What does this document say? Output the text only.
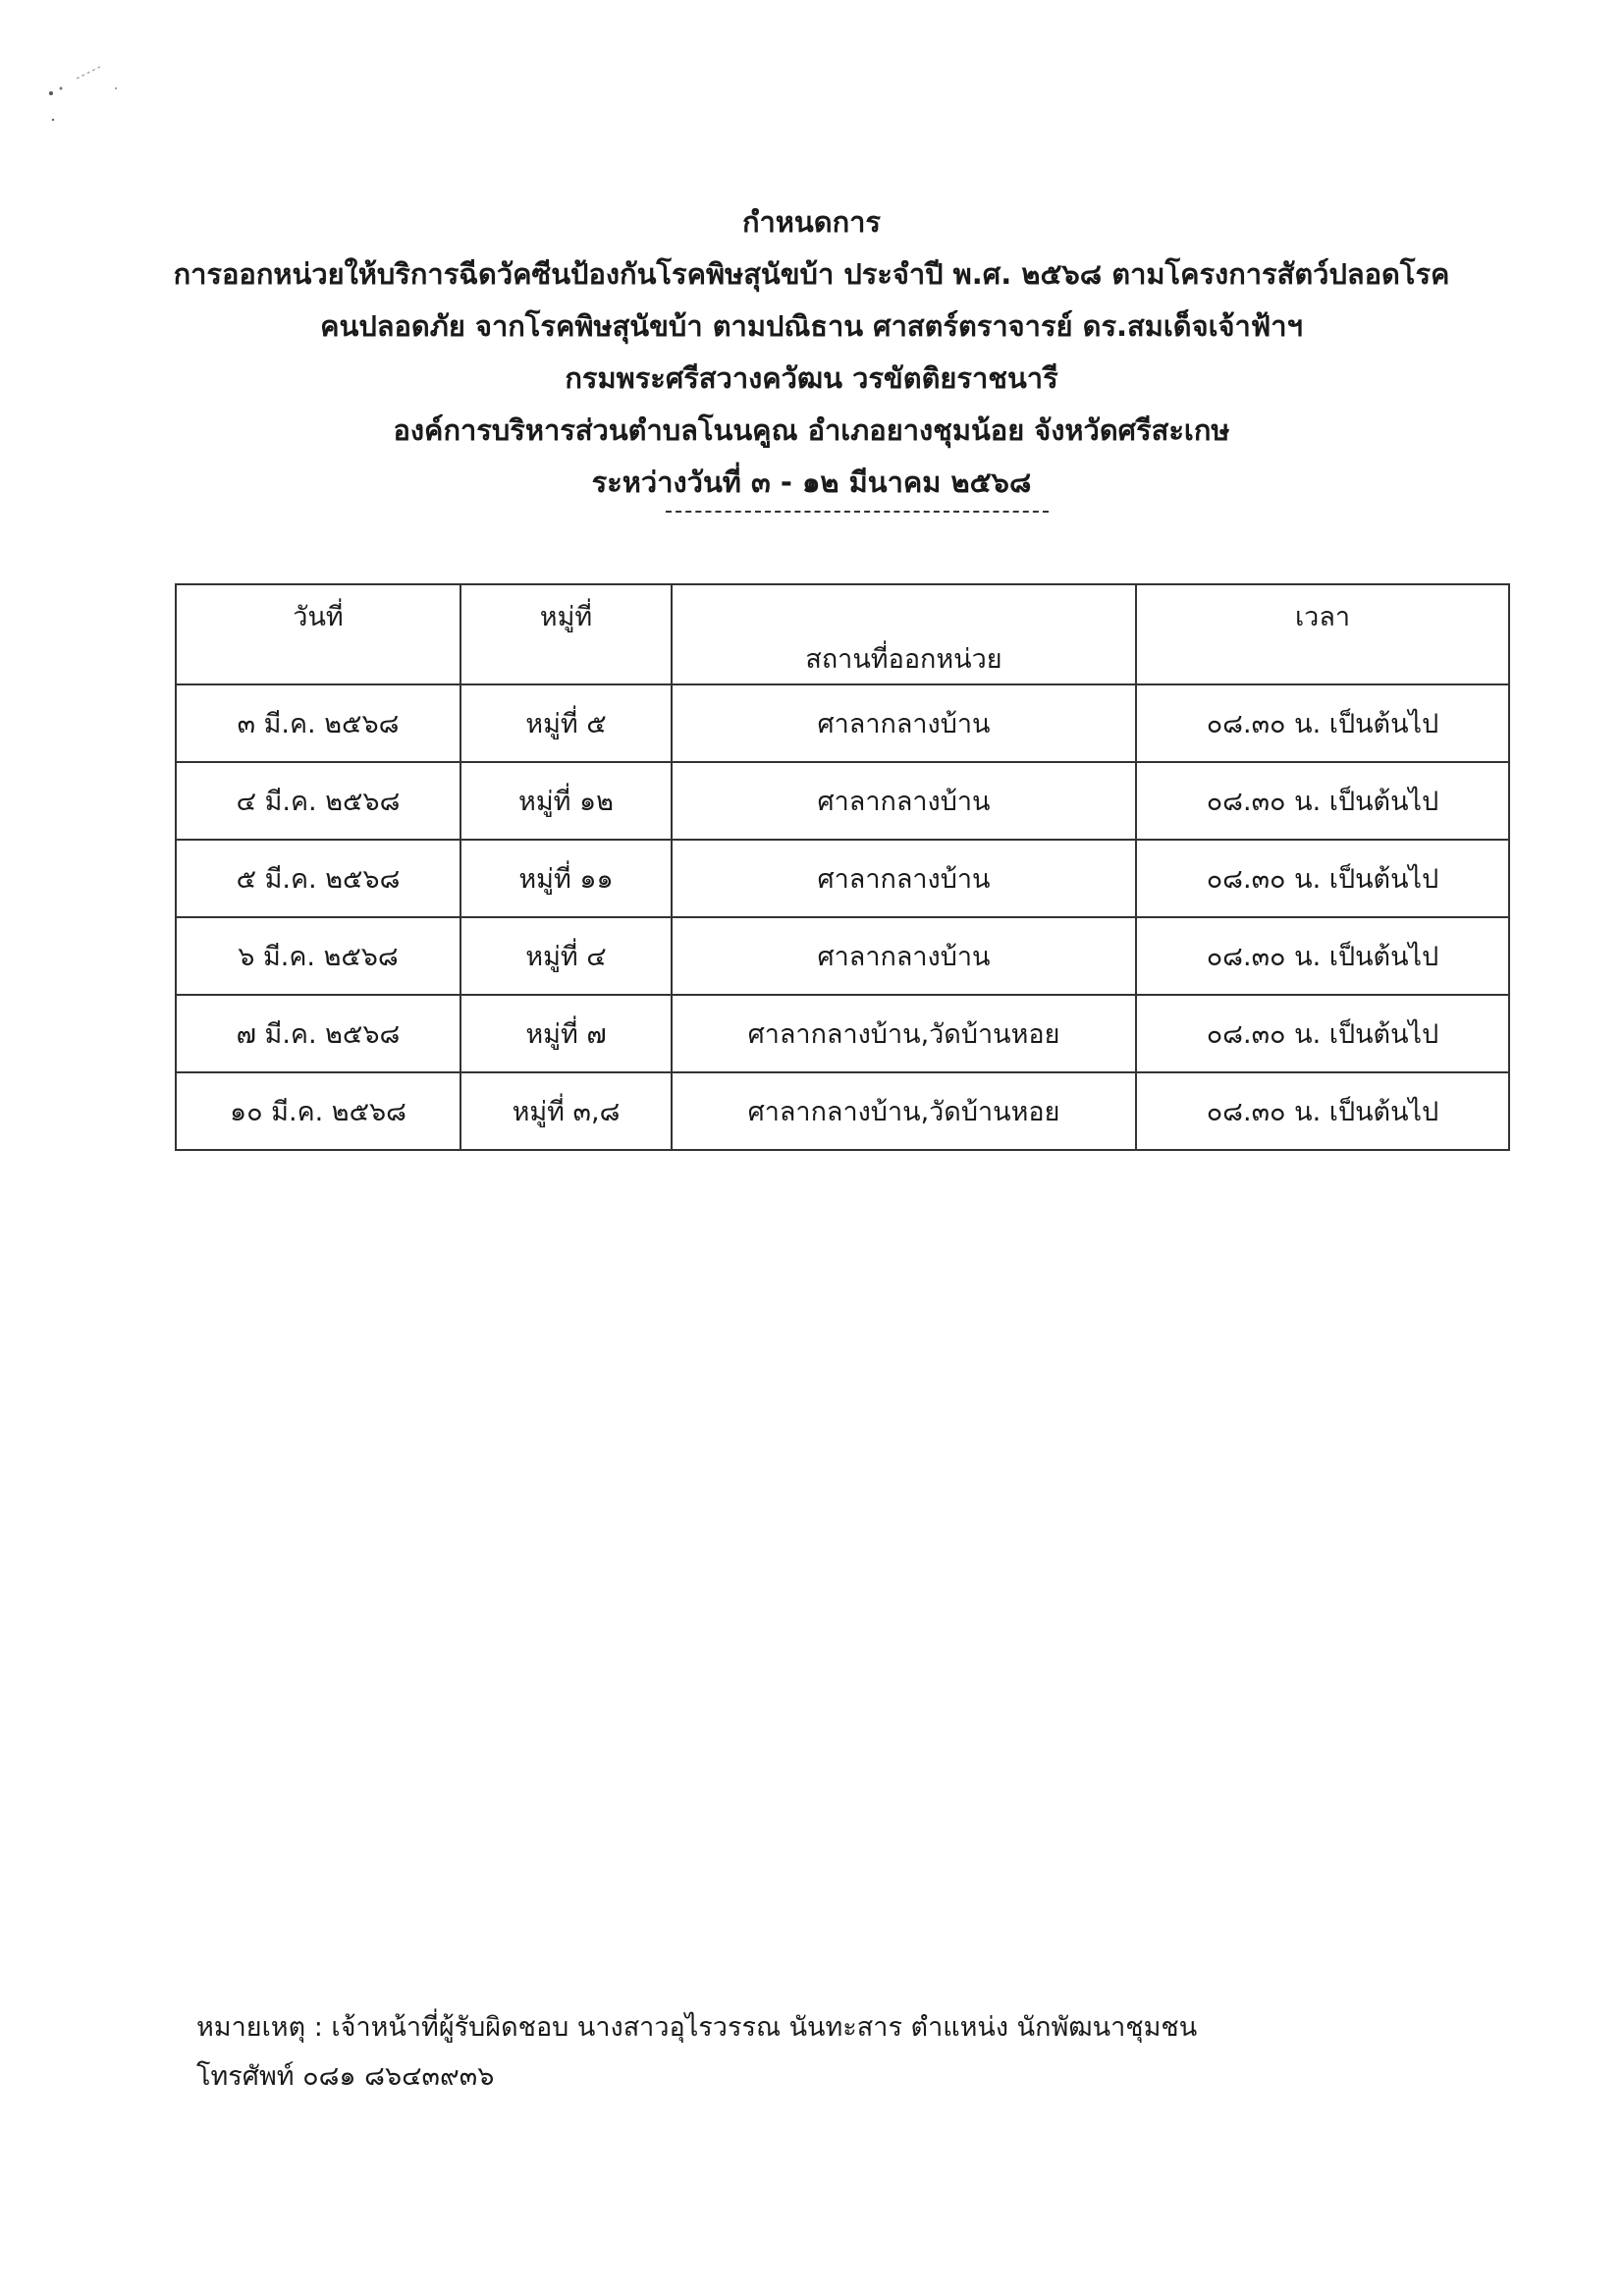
กำหนดการ
การออกหน่วยให้บริการฉีดวัคซีนป้องกันโรคพิษสุนัขบ้า ประจำปี พ.ศ. ๒๕๖๘ ตามโครงการสัตว์ปลอดโรค
คนปลอดภัย จากโรคพิษสุนัขบ้า ตามปณิธาน ศาสตร์ตราจารย์ ดร.สมเด็จเจ้าฟ้าฯ
กรมพระศรีสวางควัฒน วรขัตติยราชนารี
องค์การบริหารส่วนตำบลโนนคูณ อำเภอยางชุมน้อย จังหวัดศรีสะเกษ
ระหว่างวันที่ ๓ - ๑๒ มีนาคม ๒๕๖๘
วันที่	หมู่ที่	สถานที่ออกหน่วย	เวลา

๓ มี.ค. ๒๕๖๘	หมู่ที่ ๕	ศาลากลางบ้าน	๐๘.๓๐ น. เป็นต้นไป
๔ มี.ค. ๒๕๖๘	หมู่ที่ ๑๒	ศาลากลางบ้าน	๐๘.๓๐ น. เป็นต้นไป
๕ มี.ค. ๒๕๖๘	หมู่ที่ ๑๑	ศาลากลางบ้าน	๐๘.๓๐ น. เป็นต้นไป
๖ มี.ค. ๒๕๖๘	หมู่ที่ ๔	ศาลากลางบ้าน	๐๘.๓๐ น. เป็นต้นไป
๗ มี.ค. ๒๕๖๘	หมู่ที่ ๗	ศาลากลางบ้าน,วัดบ้านหอย	๐๘.๓๐ น. เป็นต้นไป
๑๐ มี.ค. ๒๕๖๘	หมู่ที่ ๓,๘	ศาลากลางบ้าน,วัดบ้านหอย	๐๘.๓๐ น. เป็นต้นไป
หมายเหตุ : เจ้าหน้าที่ผู้รับผิดชอบ นางสาวอุไรวรรณ นันทะสาร ตำแหน่ง นักพัฒนาชุมชน
โทรศัพท์ ๐๘๑ ๘๖๔๓๙๓๖
